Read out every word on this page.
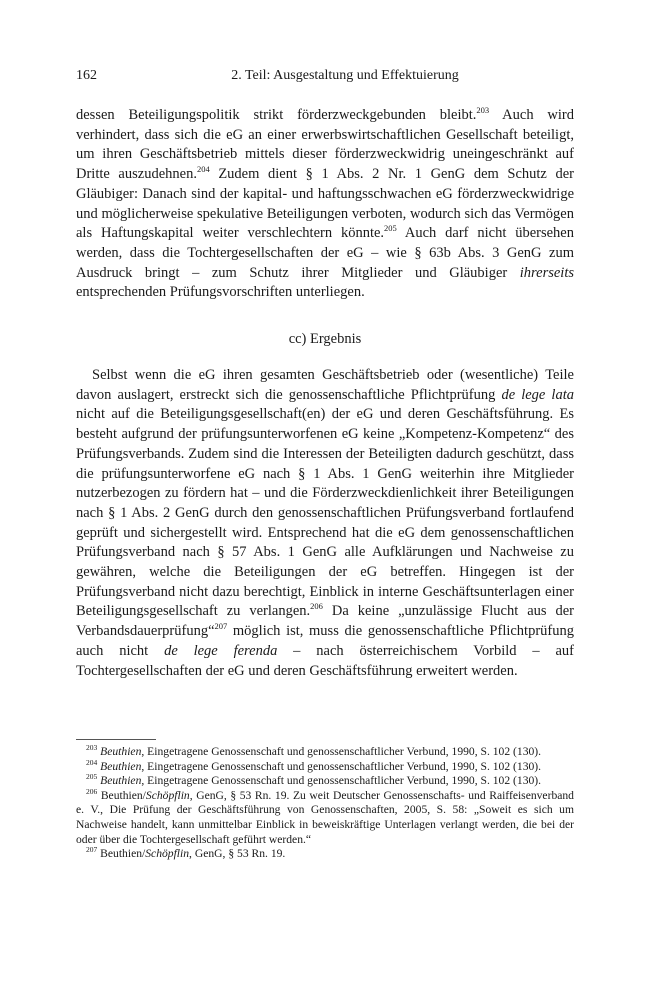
162	2. Teil: Ausgestaltung und Effektuierung

dessen Beteiligungspolitik strikt förderzweckgebunden bleibt.$^{203}$ Auch wird verhindert, dass sich die eG an einer erwerbswirtschaftlichen Gesellschaft beteiligt, um ihren Geschäftsbetrieb mittels dieser förderzweckwidrig uneingeschränkt auf Dritte auszudehnen.$^{204}$ Zudem dient § 1 Abs. 2 Nr. 1 GenG dem Schutz der Gläubiger: Danach sind der kapital- und haftungsschwachen eG förderzweckwidrige und möglicherweise spekulative Beteiligungen verboten, wodurch sich das Vermögen als Haftungskapital weiter verschlechtern könnte.$^{205}$ Auch darf nicht übersehen werden, dass die Tochtergesellschaften der eG – wie § 63b Abs. 3 GenG zum Ausdruck bringt – zum Schutz ihrer Mitglieder und Gläubiger ihrerseits entsprechenden Prüfungsvorschriften unterliegen.

cc) Ergebnis

Selbst wenn die eG ihren gesamten Geschäftsbetrieb oder (wesentliche) Teile davon auslagert, erstreckt sich die genossenschaftliche Pflichtprüfung de lege lata nicht auf die Beteiligungsgesellschaft(en) der eG und deren Geschäftsführung. Es besteht aufgrund der prüfungsunterworfenen eG keine „Kompetenz-Kompetenz“ des Prüfungsverbands. Zudem sind die Interessen der Beteiligten dadurch geschützt, dass die prüfungsunterworfene eG nach § 1 Abs. 1 GenG weiterhin ihre Mitglieder nutzerbezogen zu fördern hat – und die Förderzweckdienlichkeit ihrer Beteiligungen nach § 1 Abs. 2 GenG durch den genossenschaftlichen Prüfungsverband fortlaufend geprüft und sichergestellt wird. Entsprechend hat die eG dem genossenschaftlichen Prüfungsverband nach § 57 Abs. 1 GenG alle Aufklärungen und Nachweise zu gewähren, welche die Beteiligungen der eG betreffen. Hingegen ist der Prüfungsverband nicht dazu berechtigt, Einblick in interne Geschäftsunterlagen einer Beteiligungsgesellschaft zu verlangen.$^{206}$ Da keine „unzulässige Flucht aus der Verbandsdauerprüfung“$^{207}$ möglich ist, muss die genossenschaftliche Pflichtprüfung auch nicht de lege ferenda – nach österreichischem Vorbild – auf Tochtergesellschaften der eG und deren Geschäftsführung erweitert werden.

$^{203}$ Beuthien, Eingetragene Genossenschaft und genossenschaftlicher Verbund, 1990, S. 102 (130).

$^{204}$ Beuthien, Eingetragene Genossenschaft und genossenschaftlicher Verbund, 1990, S. 102 (130).

$^{205}$ Beuthien, Eingetragene Genossenschaft und genossenschaftlicher Verbund, 1990, S. 102 (130).

$^{206}$ Beuthien/Schöpflin, GenG, § 53 Rn. 19. Zu weit Deutscher Genossenschafts- und Raiffeisenverband e. V., Die Prüfung der Geschäftsführung von Genossenschaften, 2005, S. 58: „Soweit es sich um Nachweise handelt, kann unmittelbar Einblick in beweiskräftige Unterlagen verlangt werden, die bei der oder über die Tochtergesellschaft geführt werden.“

$^{207}$ Beuthien/Schöpflin, GenG, § 53 Rn. 19.
